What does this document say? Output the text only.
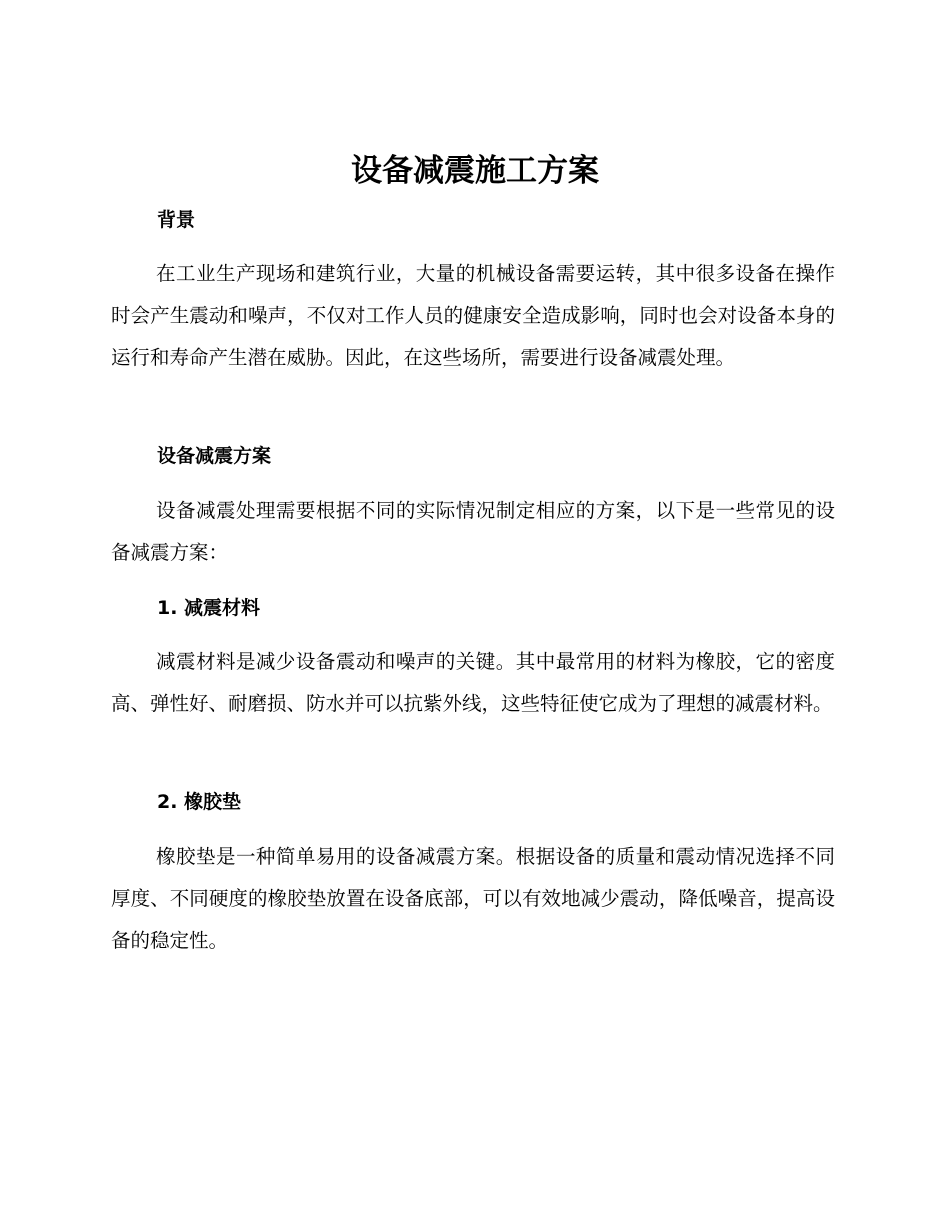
设备减震施工方案
背景

在工业生产现场和建筑行业，大量的机械设备需要运转，其中很多设备在操作时会产生震动和噪声，不仅对工作人员的健康安全造成影响，同时也会对设备本身的运行和寿命产生潜在威胁。因此，在这些场所，需要进行设备减震处理。

设备减震方案

设备减震处理需要根据不同的实际情况制定相应的方案，以下是一些常见的设备减震方案：

1. 减震材料

减震材料是减少设备震动和噪声的关键。其中最常用的材料为橡胶，它的密度高、弹性好、耐磨损、防水并可以抗紫外线，这些特征使它成为了理想的减震材料。

2. 橡胶垫

橡胶垫是一种简单易用的设备减震方案。根据设备的质量和震动情况选择不同厚度、不同硬度的橡胶垫放置在设备底部，可以有效地减少震动，降低噪音，提高设备的稳定性。
